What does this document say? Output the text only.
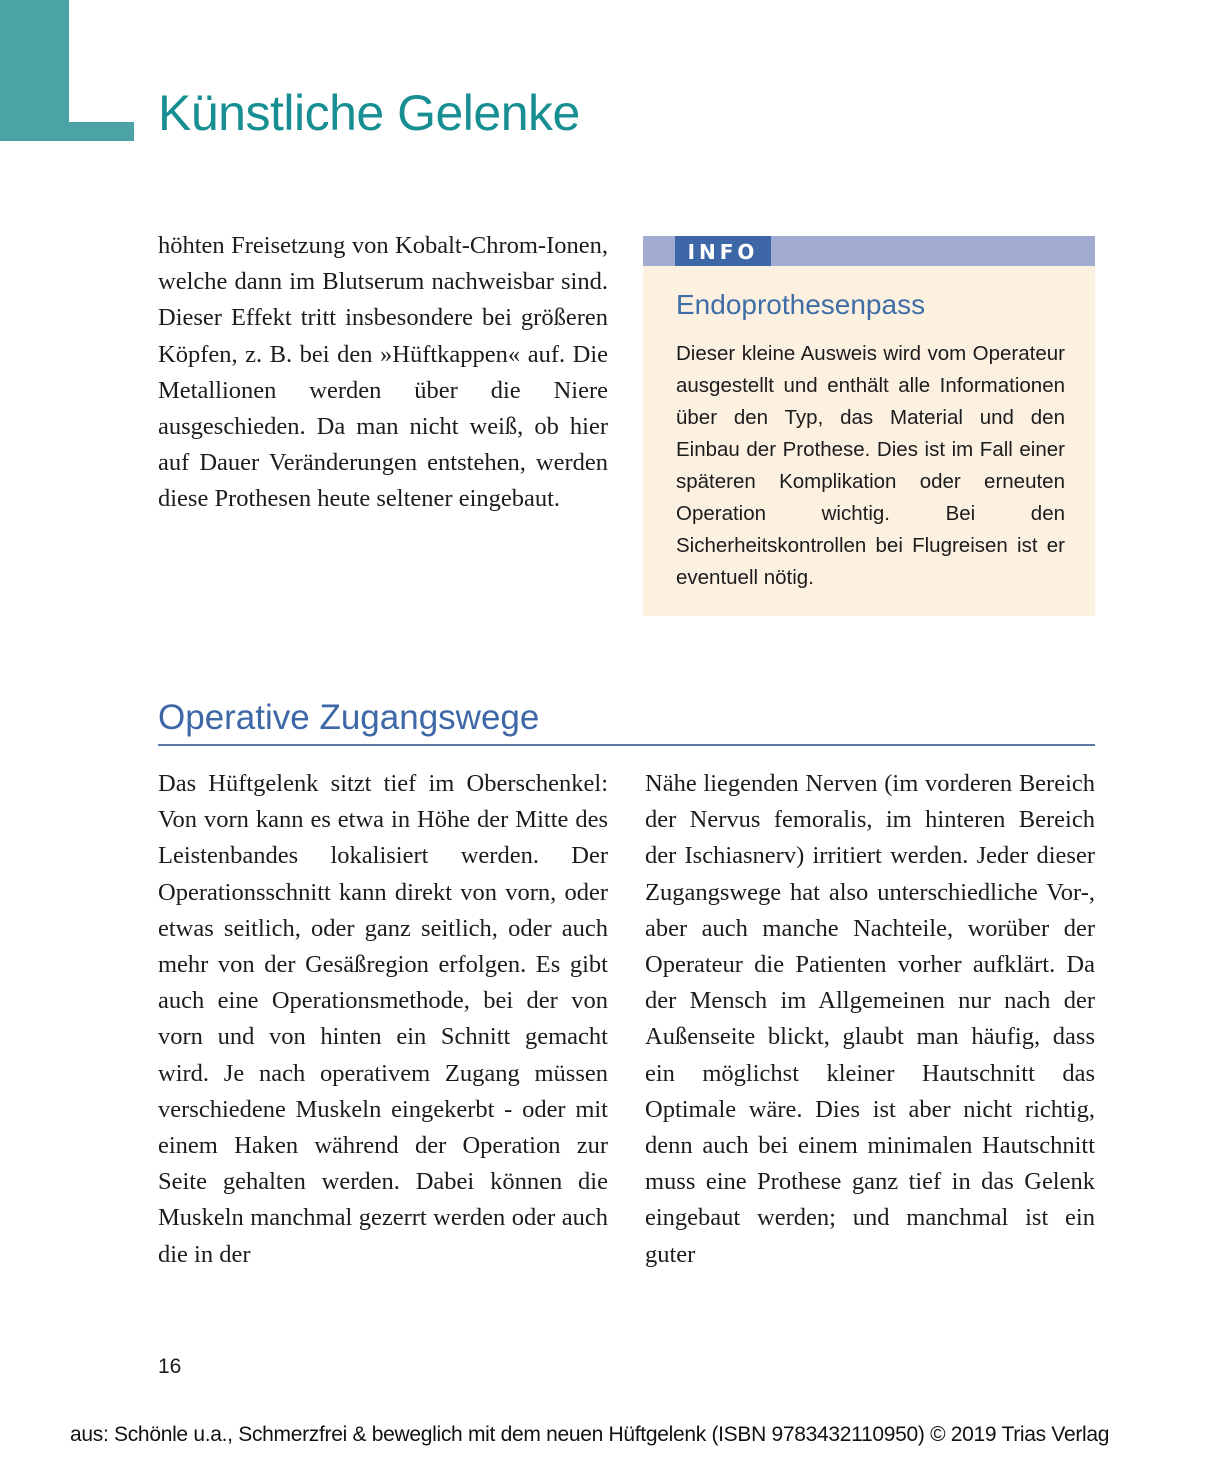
Künstliche Gelenke

höhten Freisetzung von Kobalt-Chrom-Ionen, welche dann im Blutserum nachweisbar sind. Dieser Effekt tritt insbesondere bei größeren Köpfen, z. B. bei den »Hüftkappen« auf. Die Metallionen werden über die Niere ausgeschieden. Da man nicht weiß, ob hier auf Dauer Veränderungen entstehen, werden diese Prothesen heute seltener eingebaut.

INFO
Endoprothesenpass

Dieser kleine Ausweis wird vom Operateur ausgestellt und enthält alle Informationen über den Typ, das Material und den Einbau der Prothese. Dies ist im Fall einer späteren Komplikation oder erneuten Operation wichtig. Bei den Sicherheitskontrollen bei Flugreisen ist er eventuell nötig.

Operative Zugangswege

Das Hüftgelenk sitzt tief im Oberschenkel: Von vorn kann es etwa in Höhe der Mitte des Leistenbandes lokalisiert werden. Der Operationsschnitt kann direkt von vorn, oder etwas seitlich, oder ganz seitlich, oder auch mehr von der Gesäßregion erfolgen. Es gibt auch eine Operationsmethode, bei der von vorn und von hinten ein Schnitt gemacht wird. Je nach operativem Zugang müssen verschiedene Muskeln eingekerbt - oder mit einem Haken während der Operation zur Seite gehalten werden. Dabei können die Muskeln manchmal gezerrt werden oder auch die in der

Nähe liegenden Nerven (im vorderen Bereich der Nervus femoralis, im hinteren Bereich der Ischiasnerv) irritiert werden. Jeder dieser Zugangswege hat also unterschiedliche Vor-, aber auch manche Nachteile, worüber der Operateur die Patienten vorher aufklärt. Da der Mensch im Allgemeinen nur nach der Außenseite blickt, glaubt man häufig, dass ein möglichst kleiner Hautschnitt das Optimale wäre. Dies ist aber nicht richtig, denn auch bei einem minimalen Hautschnitt muss eine Prothese ganz tief in das Gelenk eingebaut werden; und manchmal ist ein guter

16
aus: Schönle u.a., Schmerzfrei & beweglich mit dem neuen Hüftgelenk (ISBN 9783432110950) © 2019 Trias Verlag
